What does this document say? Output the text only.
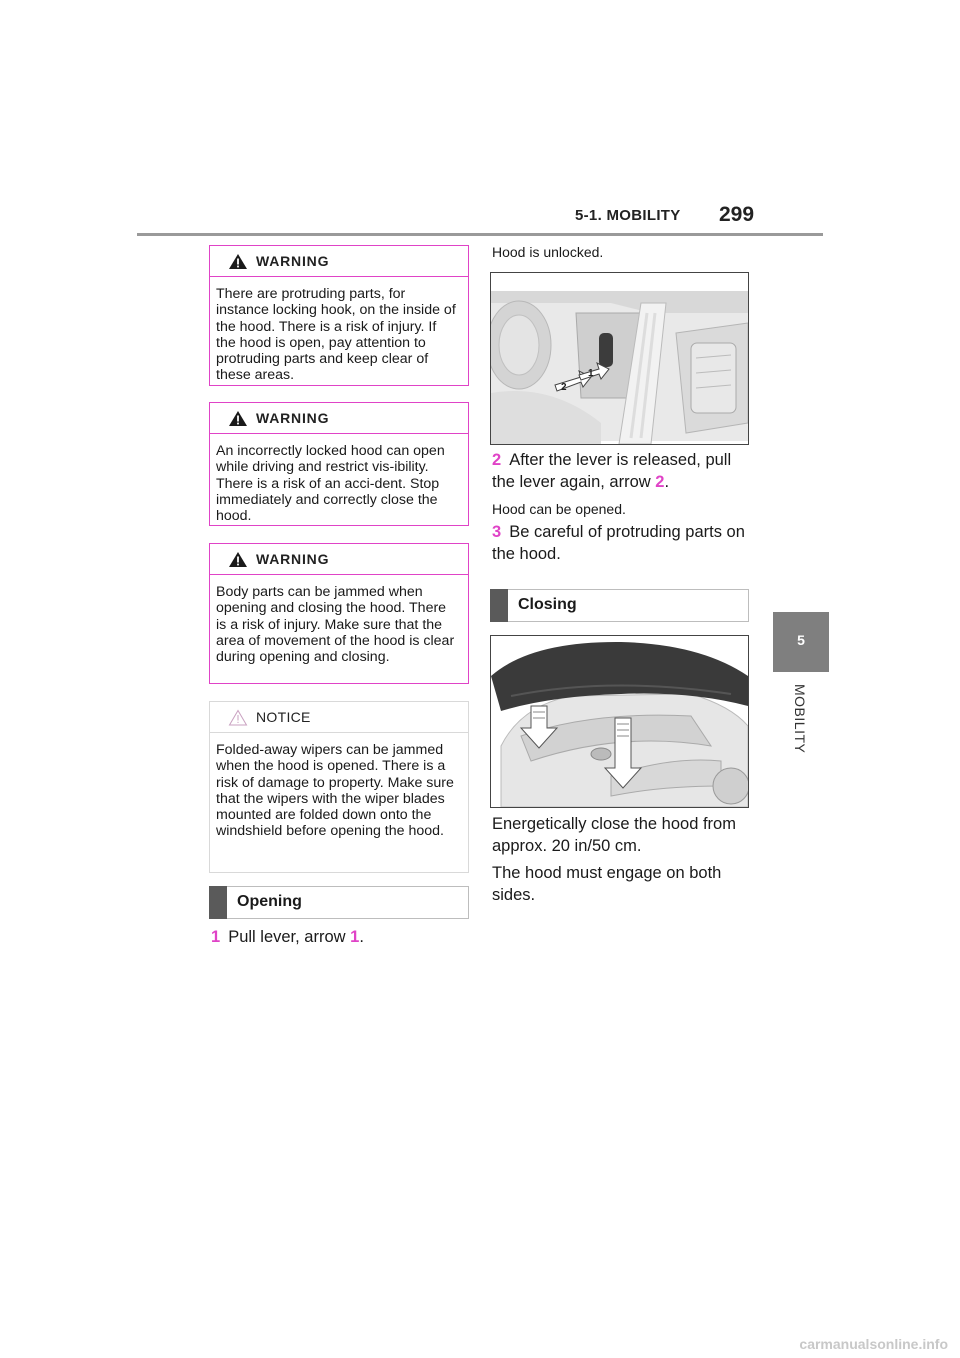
5-1. MOBILITY 299
5
MOBILITY
WARNING
There are protruding parts, for instance locking hook, on the inside of the hood. There is a risk of injury. If the hood is open, pay attention to protruding parts and keep clear of these areas.
WARNING
An incorrectly locked hood can open while driving and restrict vis-ibility. There is a risk of an acci-dent. Stop immediately and correctly close the hood.
WARNING
Body parts can be jammed when opening and closing the hood. There is a risk of injury. Make sure that the area of movement of the hood is clear during opening and closing.
NOTICE
Folded-away wipers can be jammed when the hood is opened. There is a risk of damage to property. Make sure that the wipers with the wiper blades mounted are folded down onto the windshield before opening the hood.
Opening
1 Pull lever, arrow 1.
Hood is unlocked.
2
1
2 After the lever is released, pull the lever again, arrow 2.
Hood can be opened.
3 Be careful of protruding parts on the hood.
Closing
Energetically close the hood from approx. 20 in/50 cm.
The hood must engage on both sides.
carmanualsonline.info
